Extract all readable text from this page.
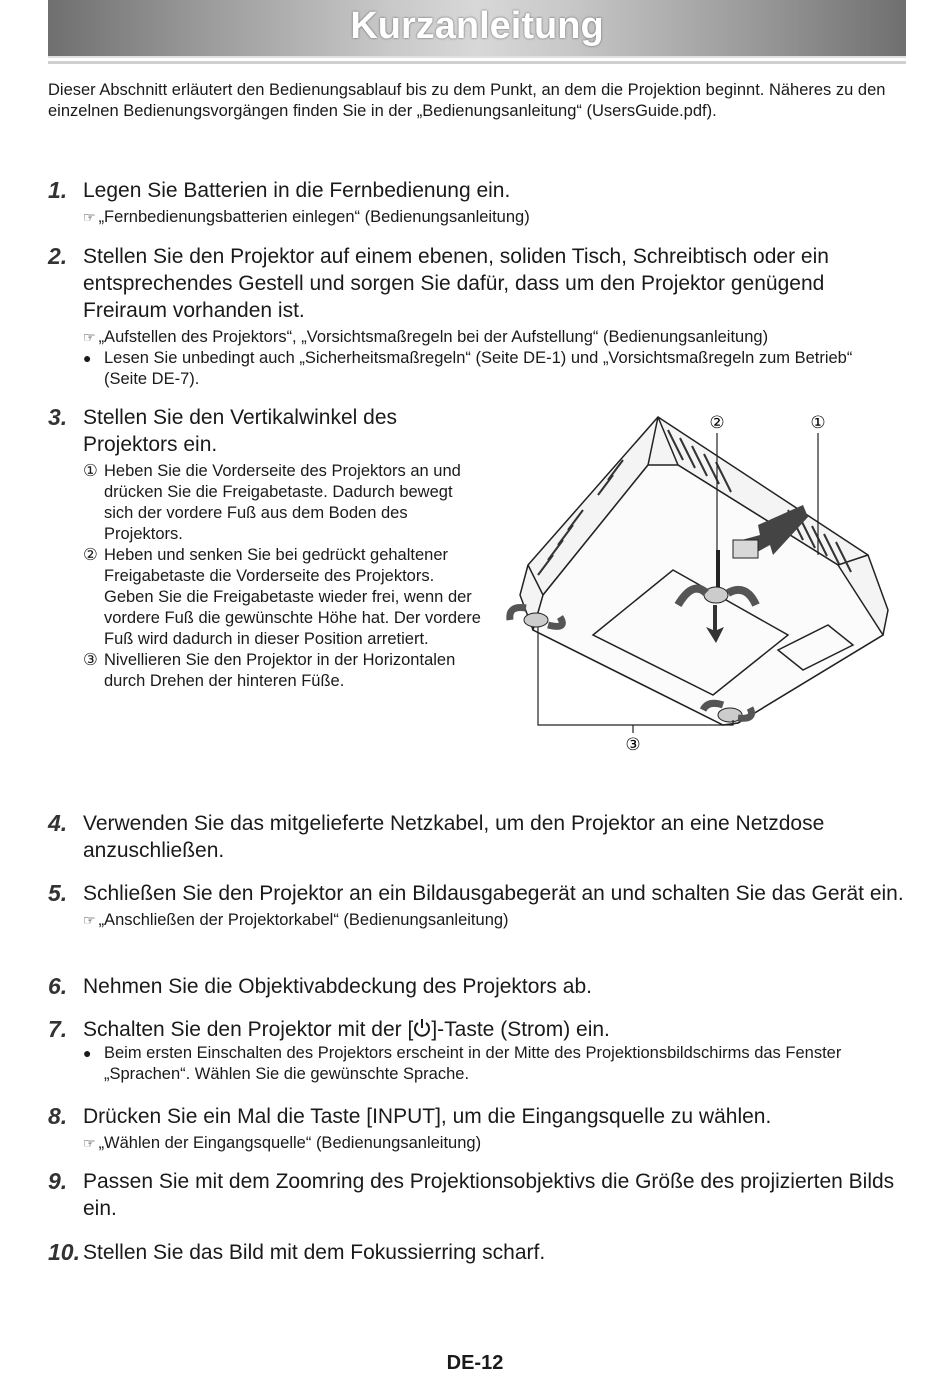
Kurzanleitung
Dieser Abschnitt erläutert den Bedienungsablauf bis zu dem Punkt, an dem die Projektion beginnt. Näheres zu den einzelnen Bedienungsvorgängen finden Sie in der „Bedienungsanleitung“ (UsersGuide.pdf).
1. Legen Sie Batterien in die Fernbedienung ein.
☞ „Fernbedienungsbatterien einlegen“ (Bedienungsanleitung)
2. Stellen Sie den Projektor auf einem ebenen, soliden Tisch, Schreibtisch oder ein entsprechendes Gestell und sorgen Sie dafür, dass um den Projektor genügend Freiraum vorhanden ist.
☞ „Aufstellen des Projektors“, „Vorsichtsmaßregeln bei der Aufstellung“ (Bedienungsanleitung)
● Lesen Sie unbedingt auch „Sicherheitsmaßregeln“ (Seite DE-1) und „Vorsichtsmaßregeln zum Betrieb“ (Seite DE-7).
3. Stellen Sie den Vertikalwinkel des Projektors ein.
① Heben Sie die Vorderseite des Projektors an und drücken Sie die Freigabetaste. Dadurch bewegt sich der vordere Fuß aus dem Boden des Projektors.
② Heben und senken Sie bei gedrückt gehaltener Freigabetaste die Vorderseite des Projektors. Geben Sie die Freigabetaste wieder frei, wenn der vordere Fuß die gewünschte Höhe hat. Der vordere Fuß wird dadurch in dieser Position arretiert.
③ Nivellieren Sie den Projektor in der Horizontalen durch Drehen der hinteren Füße.
②	①
③
4. Verwenden Sie das mitgelieferte Netzkabel, um den Projektor an eine Netzdose anzuschließen.
5. Schließen Sie den Projektor an ein Bildausgabegerät an und schalten Sie das Gerät ein.
☞ „Anschließen der Projektorkabel“ (Bedienungsanleitung)
6. Nehmen Sie die Objektivabdeckung des Projektors ab.
7. Schalten Sie den Projektor mit der [ ]-Taste (Strom) ein.
● Beim ersten Einschalten des Projektors erscheint in der Mitte des Projektionsbildschirms das Fenster „Sprachen“. Wählen Sie die gewünschte Sprache.
8. Drücken Sie ein Mal die Taste [INPUT], um die Eingangsquelle zu wählen.
☞ „Wählen der Eingangsquelle“ (Bedienungsanleitung)
9. Passen Sie mit dem Zoomring des Projektionsobjektivs die Größe des projizierten Bilds ein.
10. Stellen Sie das Bild mit dem Fokussierring scharf.
DE-12
